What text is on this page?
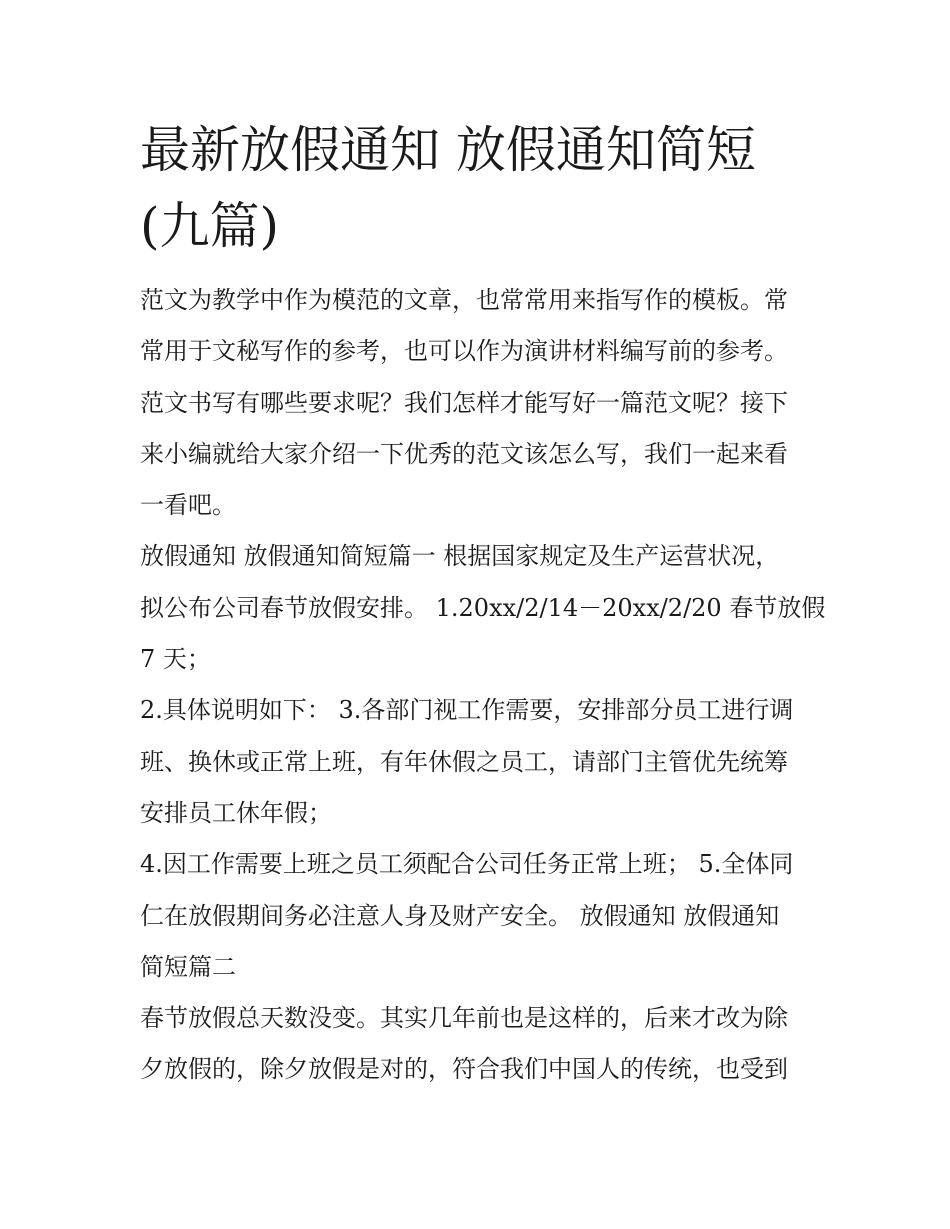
最新放假通知 放假通知简短
(九篇)
范文为教学中作为模范的文章，也常常用来指写作的模板。常
常用于文秘写作的参考，也可以作为演讲材料编写前的参考。
范文书写有哪些要求呢？我们怎样才能写好一篇范文呢？接下
来小编就给大家介绍一下优秀的范文该怎么写，我们一起来看
一看吧。
放假通知 放假通知简短篇一 根据国家规定及生产运营状况，
拟公布公司春节放假安排。 1.20xx/2/14－20xx/2/20 春节放假
7 天；
2.具体说明如下： 3.各部门视工作需要，安排部分员工进行调
班、换休或正常上班，有年休假之员工，请部门主管优先统筹
安排员工休年假；
4.因工作需要上班之员工须配合公司任务正常上班； 5.全体同
仁在放假期间务必注意人身及财产安全。 放假通知 放假通知
简短篇二
春节放假总天数没变。其实几年前也是这样的，后来才改为除
夕放假的，除夕放假是对的，符合我们中国人的传统，也受到
